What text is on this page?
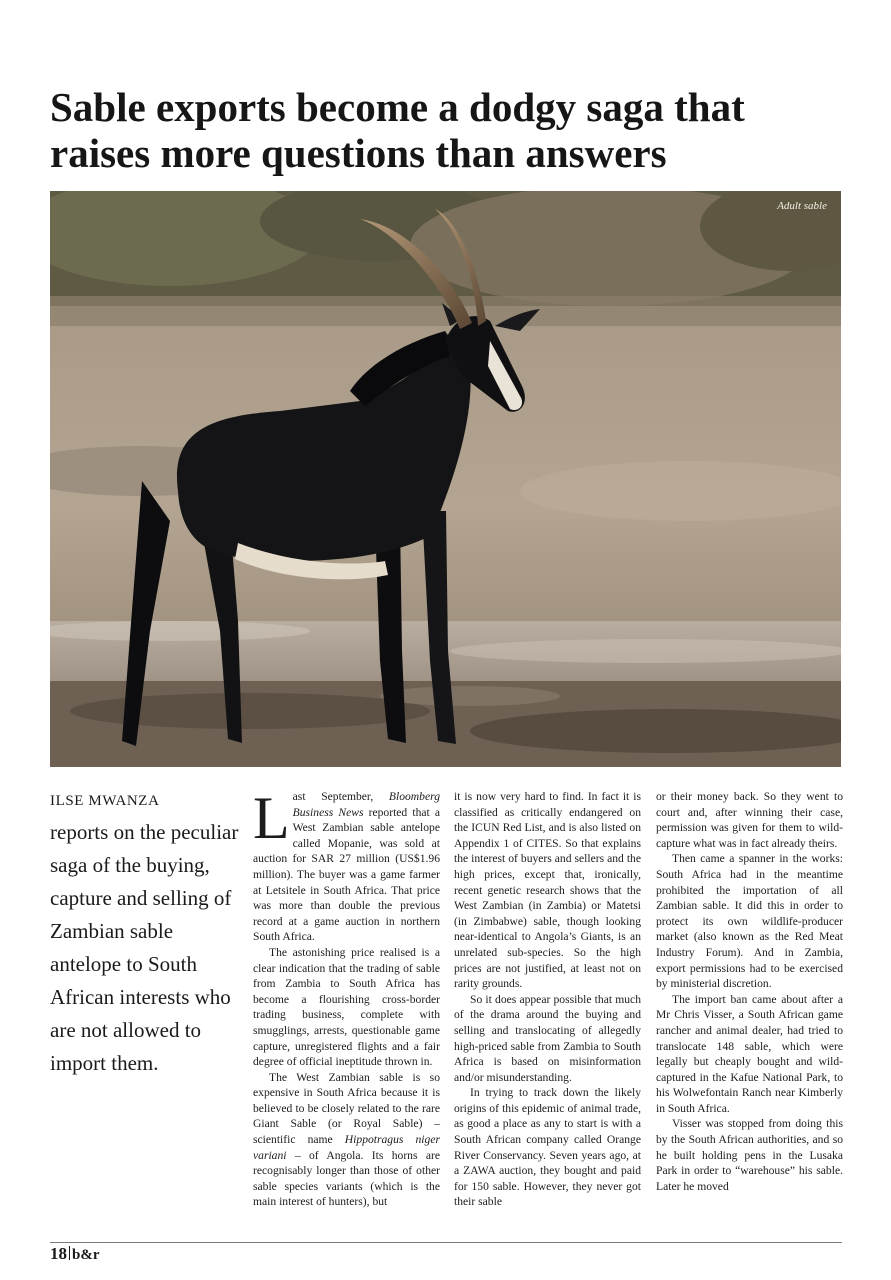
Sable exports become a dodgy saga that raises more questions than answers
Adult sable
ILSE MWANZA

reports on the peculiar saga of the buying, capture and selling of Zambian sable antelope to South African interests who are not allowed to import them.

Last September, Bloomberg Business News reported that a West Zambian sable antelope called Mopanie, was sold at auction for SAR 27 million (US$1.96 million). The buyer was a game farmer at Letsitele in South Africa. That price was more than double the previous record at a game auction in northern South Africa.

The astonishing price realised is a clear indication that the trading of sable from Zambia to South Africa has become a flourishing cross-border trading business, complete with smugglings, arrests, questionable game capture, unregistered flights and a fair degree of official ineptitude thrown in.

The West Zambian sable is so expensive in South Africa because it is believed to be closely related to the rare Giant Sable (or Royal Sable) – scientific name Hippotragus niger variani – of Angola. Its horns are recognisably longer than those of other sable species variants (which is the main interest of hunters), but

it is now very hard to find. In fact it is classified as critically endangered on the ICUN Red List, and is also listed on Appendix 1 of CITES. So that explains the interest of buyers and sellers and the high prices, except that, ironically, recent genetic research shows that the West Zambian (in Zambia) or Matetsi (in Zimbabwe) sable, though looking near-identical to Angola’s Giants, is an unrelated sub-species. So the high prices are not justified, at least not on rarity grounds.

So it does appear possible that much of the drama around the buying and selling and translocating of allegedly high-priced sable from Zambia to South Africa is based on misinformation and/or misunderstanding.

In trying to track down the likely origins of this epidemic of animal trade, as good a place as any to start is with a South African company called Orange River Conservancy. Seven years ago, at a ZAWA auction, they bought and paid for 150 sable. However, they never got their sable

or their money back. So they went to court and, after winning their case, permission was given for them to wild-capture what was in fact already theirs.

Then came a spanner in the works: South Africa had in the meantime prohibited the importation of all Zambian sable. It did this in order to protect its own wildlife-producer market (also known as the Red Meat Industry Forum). And in Zambia, export permissions had to be exercised by ministerial discretion.

The import ban came about after a Mr Chris Visser, a South African game rancher and animal dealer, had tried to translocate 148 sable, which were legally but cheaply bought and wild-captured in the Kafue National Park, to his Wolwefontain Ranch near Kimberly in South Africa.

Visser was stopped from doing this by the South African authorities, and so he built holding pens in the Lusaka Park in order to “warehouse” his sable. Later he moved

18 b&r
